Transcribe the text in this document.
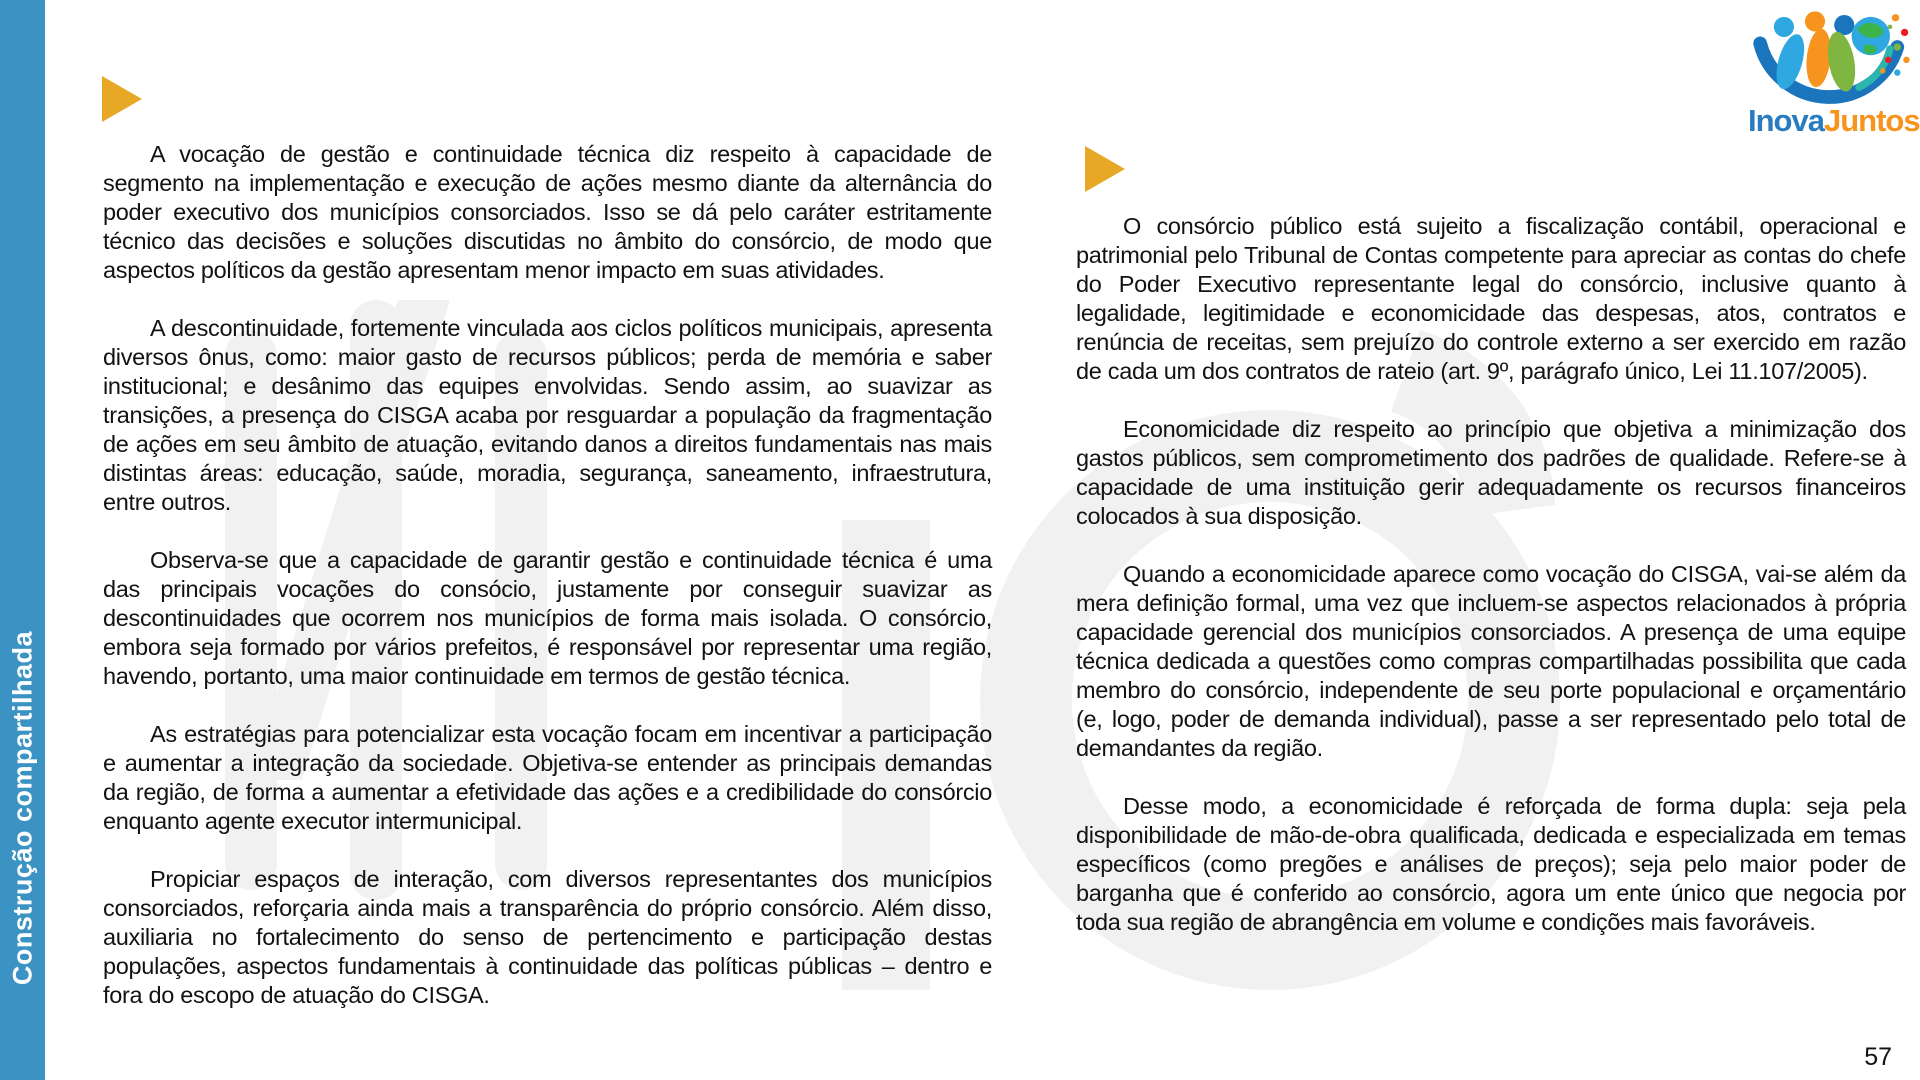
Construção compartilhada

A vocação de gestão e continuidade técnica diz respeito à capacidade de segmento na implementação e execução de ações mesmo diante da alternância do poder executivo dos municípios consorciados. Isso se dá pelo caráter estritamente técnico das decisões e soluções discutidas no âmbito do consórcio, de modo que aspectos políticos da gestão apresentam menor impacto em suas atividades.

A descontinuidade, fortemente vinculada aos ciclos políticos municipais, apresenta diversos ônus, como: maior gasto de recursos públicos; perda de memória e saber institucional; e desânimo das equipes envolvidas. Sendo assim, ao suavizar as transições, a presença do CISGA acaba por resguardar a população da fragmentação de ações em seu âmbito de atuação, evitando danos a direitos fundamentais nas mais distintas áreas: educação, saúde, moradia, segurança, saneamento, infraestrutura, entre outros.

Observa-se que a capacidade de garantir gestão e continuidade técnica é uma das principais vocações do consócio, justamente por conseguir suavizar as descontinuidades que ocorrem nos municípios de forma mais isolada. O consórcio, embora seja formado por vários prefeitos, é responsável por representar uma região, havendo, portanto, uma maior continuidade em termos de gestão técnica.

As estratégias para potencializar esta vocação focam em incentivar a participação e aumentar a integração da sociedade. Objetiva-se entender as principais demandas da região, de forma a aumentar a efetividade das ações e a credibilidade do consórcio enquanto agente executor intermunicipal.

Propiciar espaços de interação, com diversos representantes dos municípios consorciados, reforçaria ainda mais a transparência do próprio consórcio. Além disso, auxiliaria no fortalecimento do senso de pertencimento e participação destas populações, aspectos fundamentais à continuidade das políticas públicas – dentro e fora do escopo de atuação do CISGA.

O consórcio público está sujeito a fiscalização contábil, operacional e patrimonial pelo Tribunal de Contas competente para apreciar as contas do chefe do Poder Executivo representante legal do consórcio, inclusive quanto à legalidade, legitimidade e economicidade das despesas, atos, contratos e renúncia de receitas, sem prejuízo do controle externo a ser exercido em razão de cada um dos contratos de rateio (art. 9º, parágrafo único, Lei 11.107/2005).

Economicidade diz respeito ao princípio que objetiva a minimização dos gastos públicos, sem comprometimento dos padrões de qualidade. Refere-se à capacidade de uma instituição gerir adequadamente os recursos financeiros colocados à sua disposição.

Quando a economicidade aparece como vocação do CISGA, vai-se além da mera definição formal, uma vez que incluem-se aspectos relacionados à própria capacidade gerencial dos municípios consorciados. A presença de uma equipe técnica dedicada a questões como compras compartilhadas possibilita que cada membro do consórcio, independente de seu porte populacional e orçamentário (e, logo, poder de demanda individual), passe a ser representado pelo total de demandantes da região.

Desse modo, a economicidade é reforçada de forma dupla: seja pela disponibilidade de mão-de-obra qualificada, dedicada e especializada em temas específicos (como pregões e análises de preços); seja pelo maior poder de barganha que é conferido ao consórcio, agora um ente único que negocia por toda sua região de abrangência em volume e condições mais favoráveis.

InovaJuntos
57
